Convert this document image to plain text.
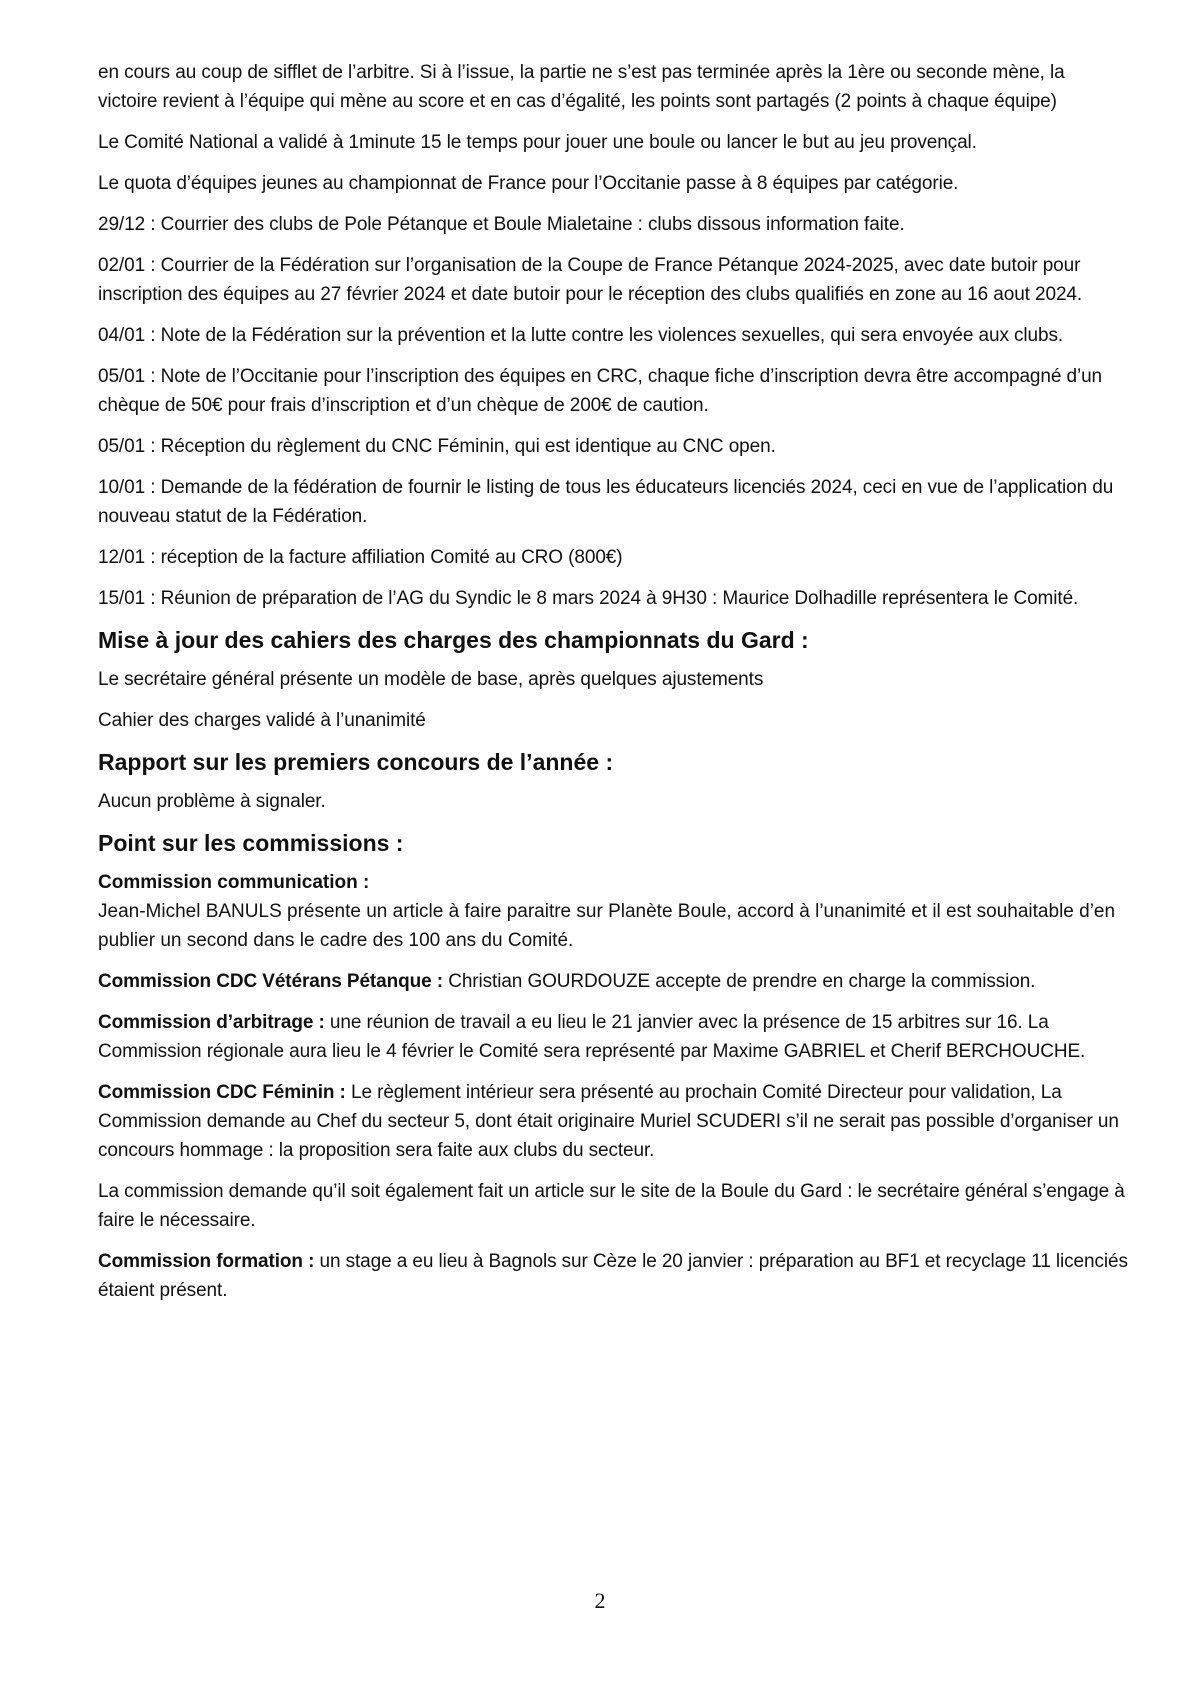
en cours au coup de sifflet de l’arbitre. Si à l’issue, la partie ne s’est pas terminée après la 1ère ou seconde mène, la victoire revient à l’équipe qui mène au score et en cas d’égalité, les points sont partagés (2 points à chaque équipe)

Le Comité National a validé à 1minute 15 le temps pour jouer une boule ou lancer le but au jeu provençal.

Le quota d’équipes jeunes au championnat de France pour l’Occitanie passe à 8 équipes par catégorie.

29/12 : Courrier des clubs de Pole Pétanque et Boule Mialetaine : clubs dissous information faite.

02/01 : Courrier de la Fédération sur l’organisation de la Coupe de France Pétanque 2024-2025, avec date butoir pour inscription des équipes au 27 février 2024 et date butoir pour le réception des clubs qualifiés en zone au 16 aout 2024.

04/01 : Note de la Fédération sur la prévention et la lutte contre les violences sexuelles, qui sera envoyée aux clubs.

05/01 : Note de l’Occitanie pour l’inscription des équipes en CRC, chaque fiche d’inscription devra être accompagné d’un chèque de 50€ pour frais d’inscription et d’un chèque de 200€ de caution.

05/01 : Réception du règlement du CNC Féminin, qui est identique au CNC open.

10/01 : Demande de la fédération de fournir le listing de tous les éducateurs licenciés 2024, ceci en vue de l’application du nouveau statut de la Fédération.

12/01 : réception de la facture affiliation Comité au CRO (800€)

15/01 : Réunion de préparation de l’AG du Syndic le 8 mars 2024 à 9H30 : Maurice Dolhadille représentera le Comité.

Mise à jour des cahiers des charges des championnats du Gard :

Le secrétaire général présente un modèle de base, après quelques ajustements

Cahier des charges validé à l’unanimité

Rapport sur les premiers concours de l’année :

Aucun problème à signaler.

Point sur les commissions :
Commission communication :
Jean-Michel BANULS présente un article à faire paraitre sur Planète Boule, accord à l’unanimité et il est souhaitable d’en publier un second dans le cadre des 100 ans du Comité.

Commission CDC Vétérans Pétanque : Christian GOURDOUZE accepte de prendre en charge la commission.

Commission d’arbitrage : une réunion de travail a eu lieu le 21 janvier avec la présence de 15 arbitres sur 16. La Commission régionale aura lieu le 4 février le Comité sera représenté par Maxime GABRIEL et Cherif BERCHOUCHE.

Commission CDC Féminin : Le règlement intérieur sera présenté au prochain Comité Directeur pour validation, La Commission demande au Chef du secteur 5, dont était originaire Muriel SCUDERI s’il ne serait pas possible d’organiser un concours hommage : la proposition sera faite aux clubs du secteur.

La commission demande qu’il soit également fait un article sur le site de la Boule du Gard : le secrétaire général s’engage à faire le nécessaire.

Commission formation : un stage a eu lieu à Bagnols sur Cèze le 20 janvier : préparation au BF1 et recyclage 11 licenciés étaient présent.

2
